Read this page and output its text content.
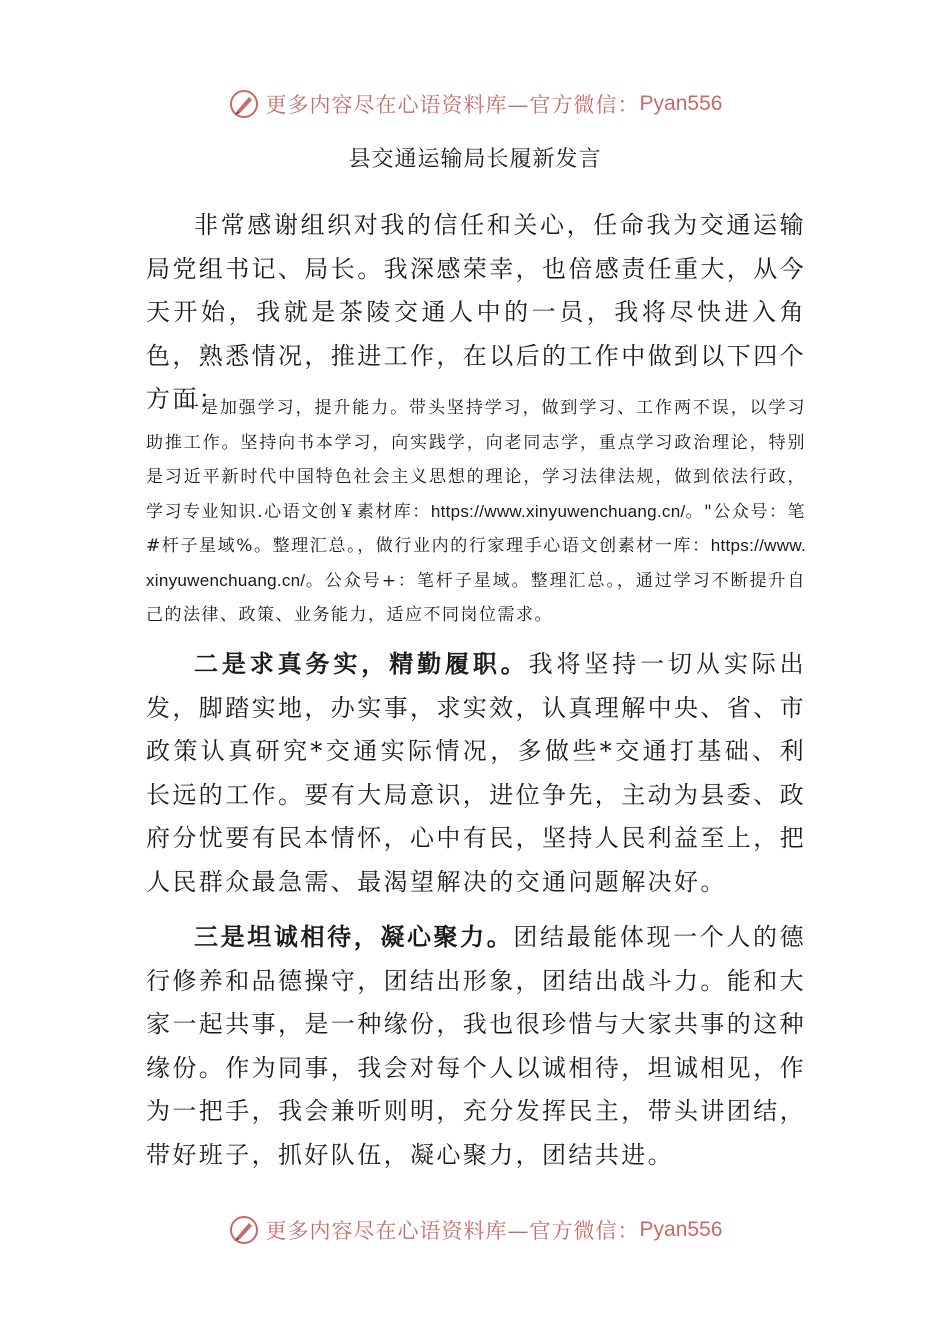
更多内容尽在心语资料库—官方微信： Pyan556
县交通运输局长履新发言

非常感谢组织对我的信任和关心，任命我为交通运输局党组书记、局长。我深感荣幸，也倍感责任重大，从今天开始，我就是茶陵交通人中的一员，我将尽快进入角色，熟悉情况，推进工作，在以后的工作中做到以下四个方面：

一是加强学习，提升能力。带头坚持学习，做到学习、工作两不误，以学习助推工作。坚持向书本学习，向实践学，向老同志学，重点学习政治理论，特别是习近平新时代中国特色社会主义思想的理论，学习法律法规，做到依法行政，学习专业知识.心语文创￥素材库：https://www.xinyuwenchuang.cn/。"公众号：笔#杆子星域%。整理汇总。，做行业内的行家理手心语文创素材一库：https://www.xinyuwenchuang.cn/。公众号+：笔杆子星域。整理汇总。，通过学习不断提升自己的法律、政策、业务能力，适应不同岗位需求。

二是求真务实，精勤履职。我将坚持一切从实际出发，脚踏实地，办实事，求实效，认真理解中央、省、市政策认真研究*交通实际情况，多做些*交通打基础、利长远的工作。要有大局意识，进位争先，主动为县委、政府分忧要有民本情怀，心中有民，坚持人民利益至上，把人民群众最急需、最渴望解决的交通问题解决好。

三是坦诚相待，凝心聚力。团结最能体现一个人的德行修养和品德操守，团结出形象，团结出战斗力。能和大家一起共事，是一种缘份，我也很珍惜与大家共事的这种缘份。作为同事，我会对每个人以诚相待，坦诚相见，作为一把手，我会兼听则明，充分发挥民主，带头讲团结，带好班子，抓好队伍，凝心聚力，团结共进。

更多内容尽在心语资料库—官方微信： Pyan556
